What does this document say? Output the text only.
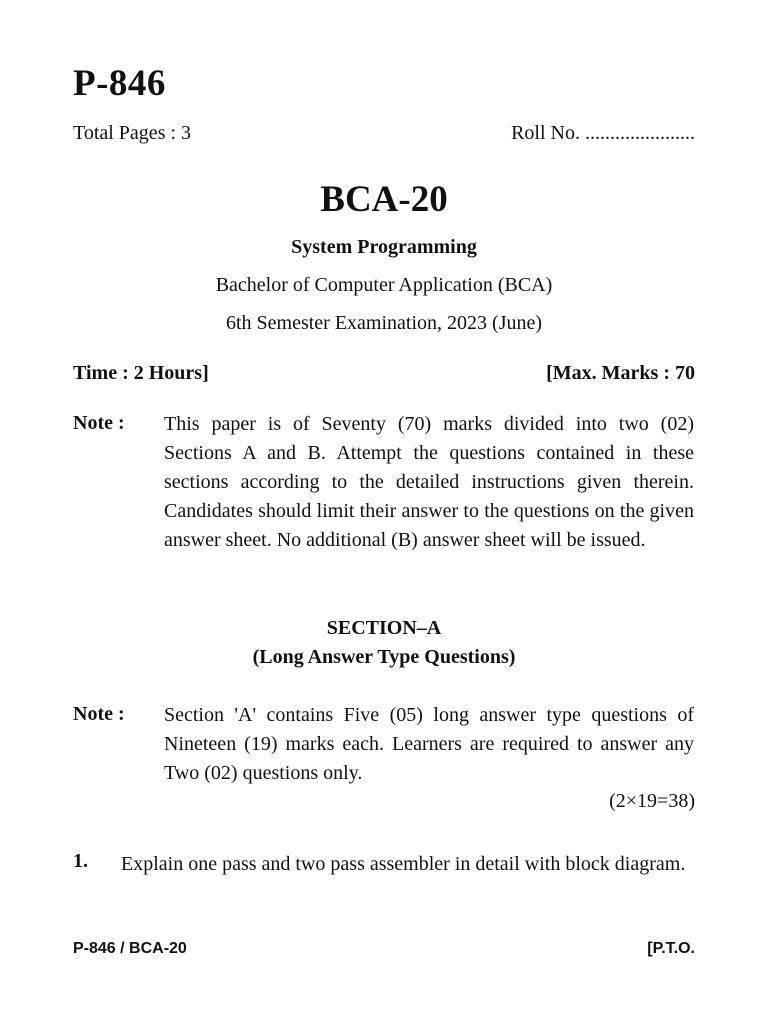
P-846
Total Pages : 3	Roll No. ......................
BCA-20
System Programming
Bachelor of Computer Application (BCA)
6th Semester Examination, 2023 (June)
Time : 2 Hours]	[Max. Marks : 70
Note : This paper is of Seventy (70) marks divided into two (02) Sections A and B. Attempt the questions contained in these sections according to the detailed instructions given therein. Candidates should limit their answer to the questions on the given answer sheet. No additional (B) answer sheet will be issued.
SECTION–A
(Long Answer Type Questions)
Note : Section 'A' contains Five (05) long answer type questions of Nineteen (19) marks each. Learners are required to answer any Two (02) questions only.
(2×19=38)
1. Explain one pass and two pass assembler in detail with block diagram.
P-846 / BCA-20	[P.T.O.
